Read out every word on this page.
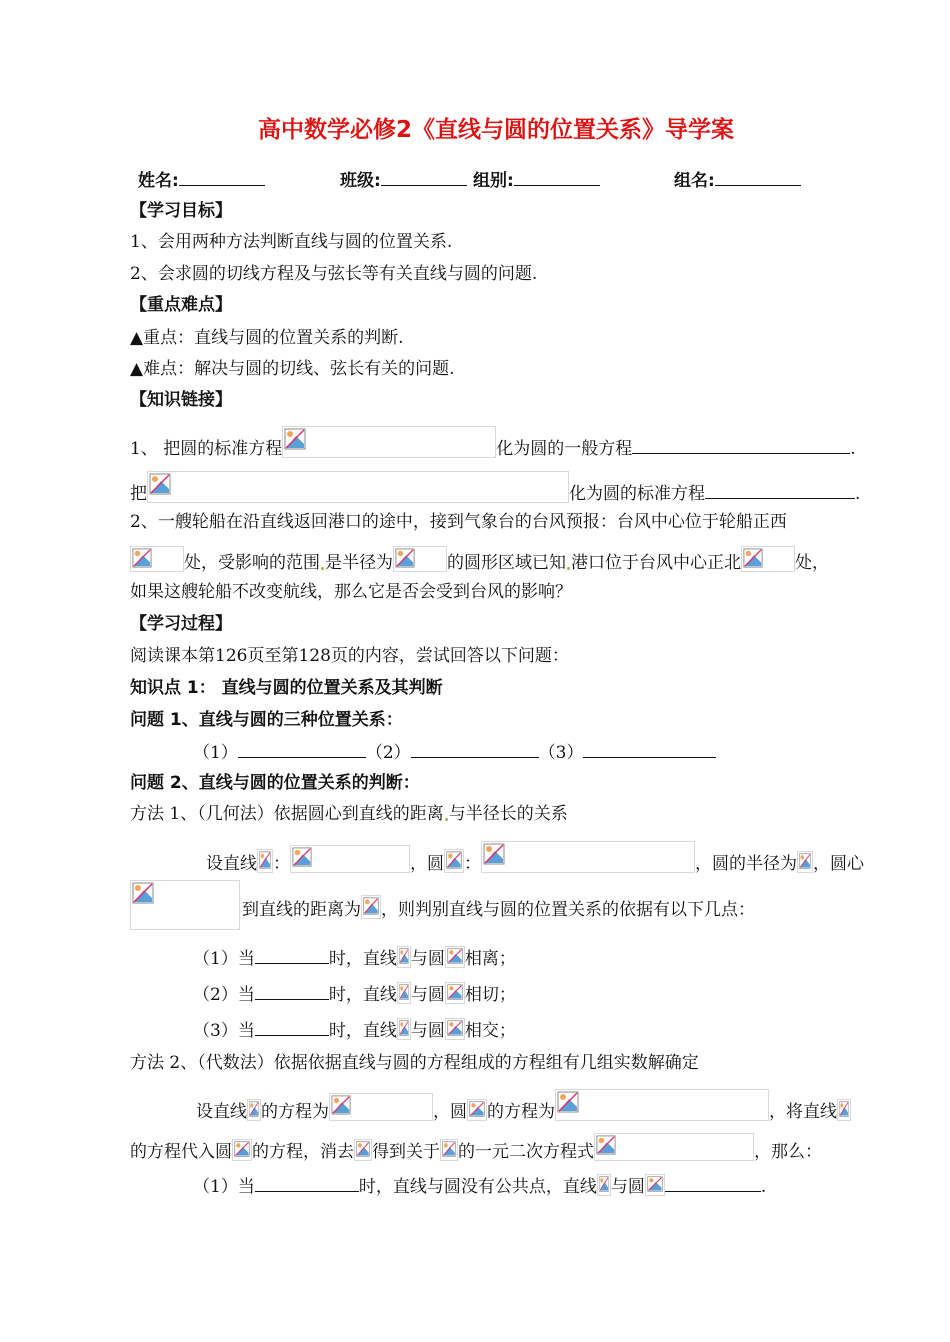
高中数学必修2《直线与圆的位置关系》导学案
姓名:	班级:	组别:	组名:
【学习目标】
1、会用两种方法判断直线与圆的位置关系.
2、会求圆的切线方程及与弦长等有关直线与圆的问题.
【重点难点】
▲重点：直线与圆的位置关系的判断.
▲难点：解决与圆的切线、弦长有关的问题.
【知识链接】
1、 把圆的标准方程	化为圆的一般方程	.
把	化为圆的标准方程	.
2、一艘轮船在沿直线返回港口的途中，接到气象台的台风预报：台风中心位于轮船正西
处，受影响的范围 是半径为	的圆形区域已知 港口位于台风中心正北	处，
如果这艘轮船不改变航线，那么它是否会受到台风的影响？
【学习过程】
阅读课本第126页至第128页的内容，尝试回答以下问题：
知识点 1： 直线与圆的位置关系及其判断
问题 1、直线与圆的三种位置关系：
（1）	（2）	（3）
问题 2、直线与圆的位置关系的判断：
方法 1、（几何法）依据圆心到直线的距离 与半径长的关系
设直线 ：	，圆 ：	，圆的半径为 ，圆心
到直线的距离为 ，则判别直线与圆的位置关系的依据有以下几点：
（1）当	时，直线 与圆 相离；
（2）当	时，直线 与圆 相切；
（3）当	时，直线 与圆 相交；
方法 2、（代数法）依据依据直线与圆的方程组成的方程组有几组实数解确定
设直线 的方程为	，圆 的方程为	，将直线
的方程代入圆 的方程，消去 得到关于 的一元二次方程式	，那么：
（1）当	时，直线与圆没有公共点，直线 与圆	.
